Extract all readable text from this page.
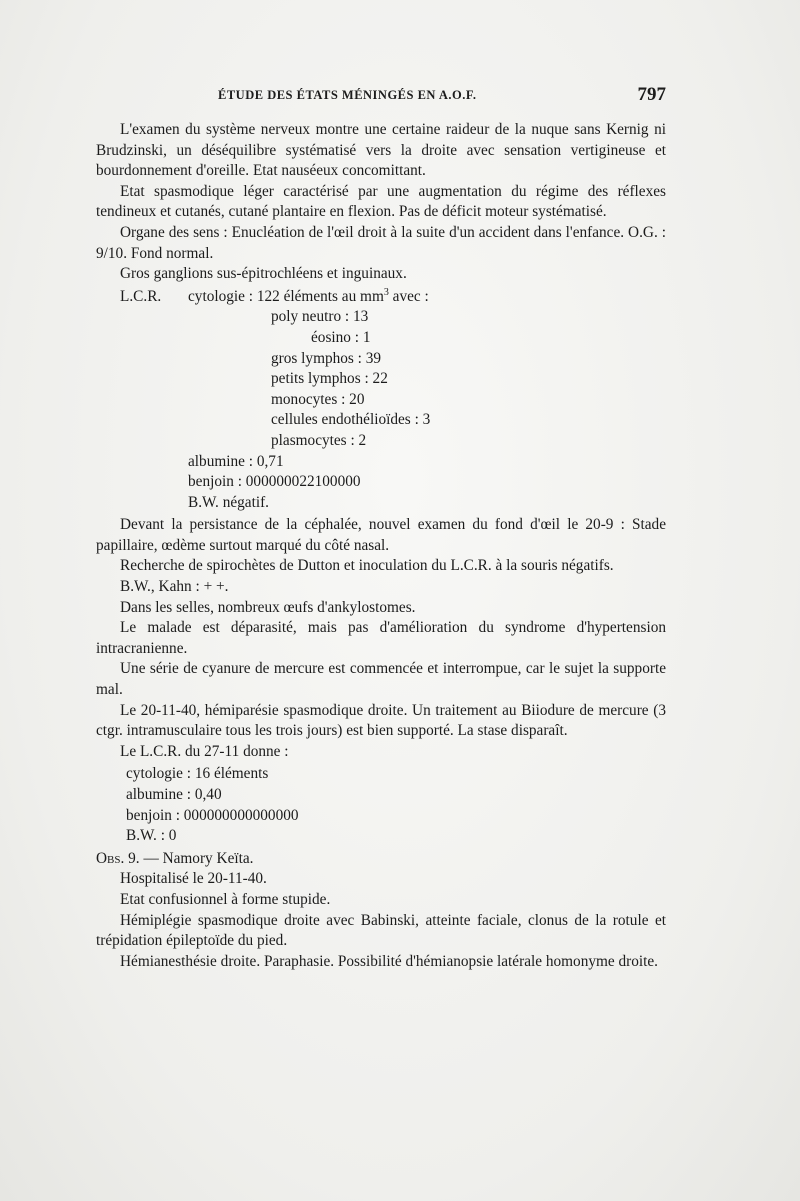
ÉTUDE DES ÉTATS MÉNINGÉS EN A.O.F.	797

L'examen du système nerveux montre une certaine raideur de la nuque sans Kernig ni Brudzinski, un déséquilibre systématisé vers la droite avec sensation vertigineuse et bourdonnement d'oreille. Etat nauséeux concomittant.

Etat spasmodique léger caractérisé par une augmentation du régime des réflexes tendineux et cutanés, cutané plantaire en flexion. Pas de déficit moteur systématisé.

Organe des sens : Enucléation de l'œil droit à la suite d'un accident dans l'enfance. O.G. : 9/10. Fond normal.

Gros ganglions sus-épitrochléens et inguinaux.

L.C.R. cytologie : 122 éléments au $mm^3$ avec :
poly neutro : 13
éosino : 1
gros lymphos : 39
petits lymphos : 22
monocytes : 20
cellules endothélioïdes : 3
plasmocytes : 2
albumine : 0,71
benjoin : 000000022100000
B.W. négatif.

Devant la persistance de la céphalée, nouvel examen du fond d'œil le 20-9 : Stade papillaire, œdème surtout marqué du côté nasal.

Recherche de spirochètes de Dutton et inoculation du L.C.R. à la souris négatifs.

B.W., Kahn : + +.

Dans les selles, nombreux œufs d'ankylostomes.

Le malade est déparasité, mais pas d'amélioration du syndrome d'hypertension intracranienne.

Une série de cyanure de mercure est commencée et interrompue, car le sujet la supporte mal.

Le 20-11-40, hémiparésie spasmodique droite. Un traitement au Biiodure de mercure (3 ctgr. intramusculaire tous les trois jours) est bien supporté. La stase disparaît.

Le L.C.R. du 27-11 donne :

cytologie : 16 éléments
albumine : 0,40
benjoin : 000000000000000
B.W. : 0

Obs. 9. — Namory Keïta.

Hospitalisé le 20-11-40.

Etat confusionnel à forme stupide.

Hémiplégie spasmodique droite avec Babinski, atteinte faciale, clonus de la rotule et trépidation épileptoïde du pied.

Hémianesthésie droite. Paraphasie. Possibilité d'hémianopsie latérale homonyme droite.
